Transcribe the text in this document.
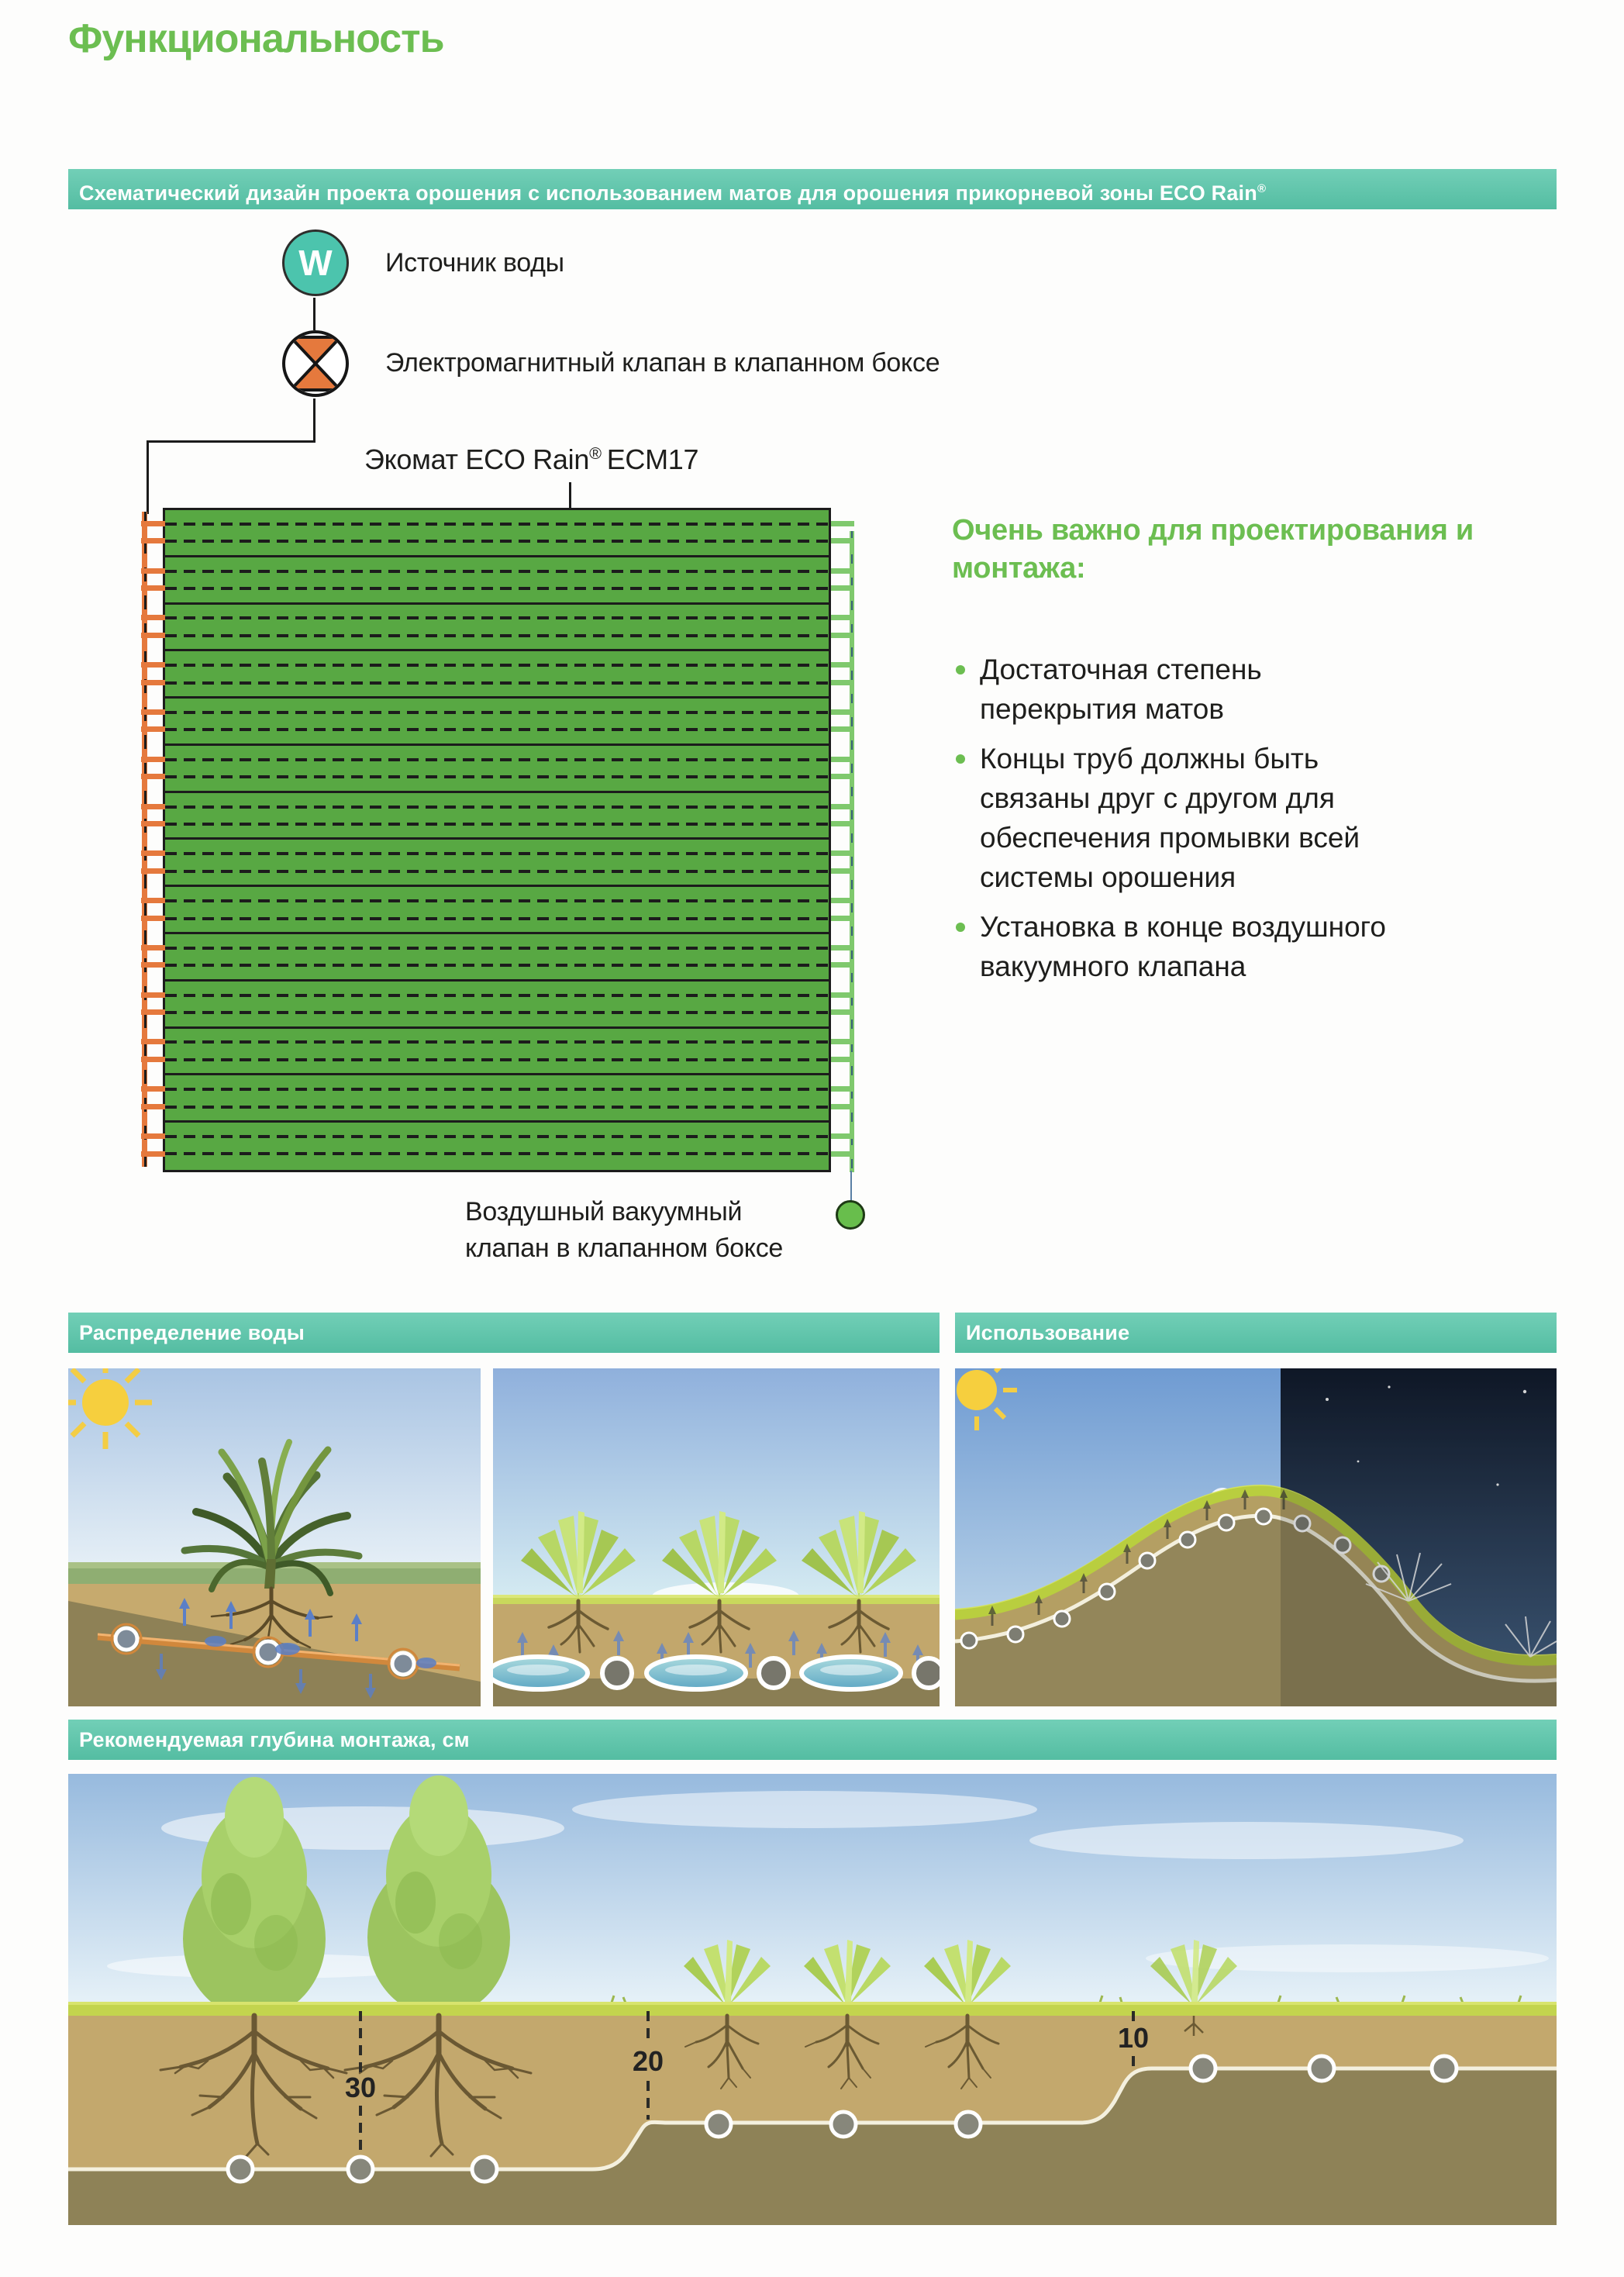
Функциональность
Схематический дизайн проекта орошения с использованием матов для орошения прикорневой зоны ECO Rain®
W Источник воды
Электромагнитный клапан в клапанном боксе
Экомат ECO Rain® ECM17
Воздушный вакуумный клапан в клапанном боксе
Очень важно для проектирования и монтажа:
Достаточная степень перекрытия матов
Концы труб должны быть связаны друг с другом для обеспечения промывки всей системы орошения
Установка в конце воздушного вакуумного клапана
Распределение воды	Использование
Рекомендуемая глубина монтажа, см
30
20
10
